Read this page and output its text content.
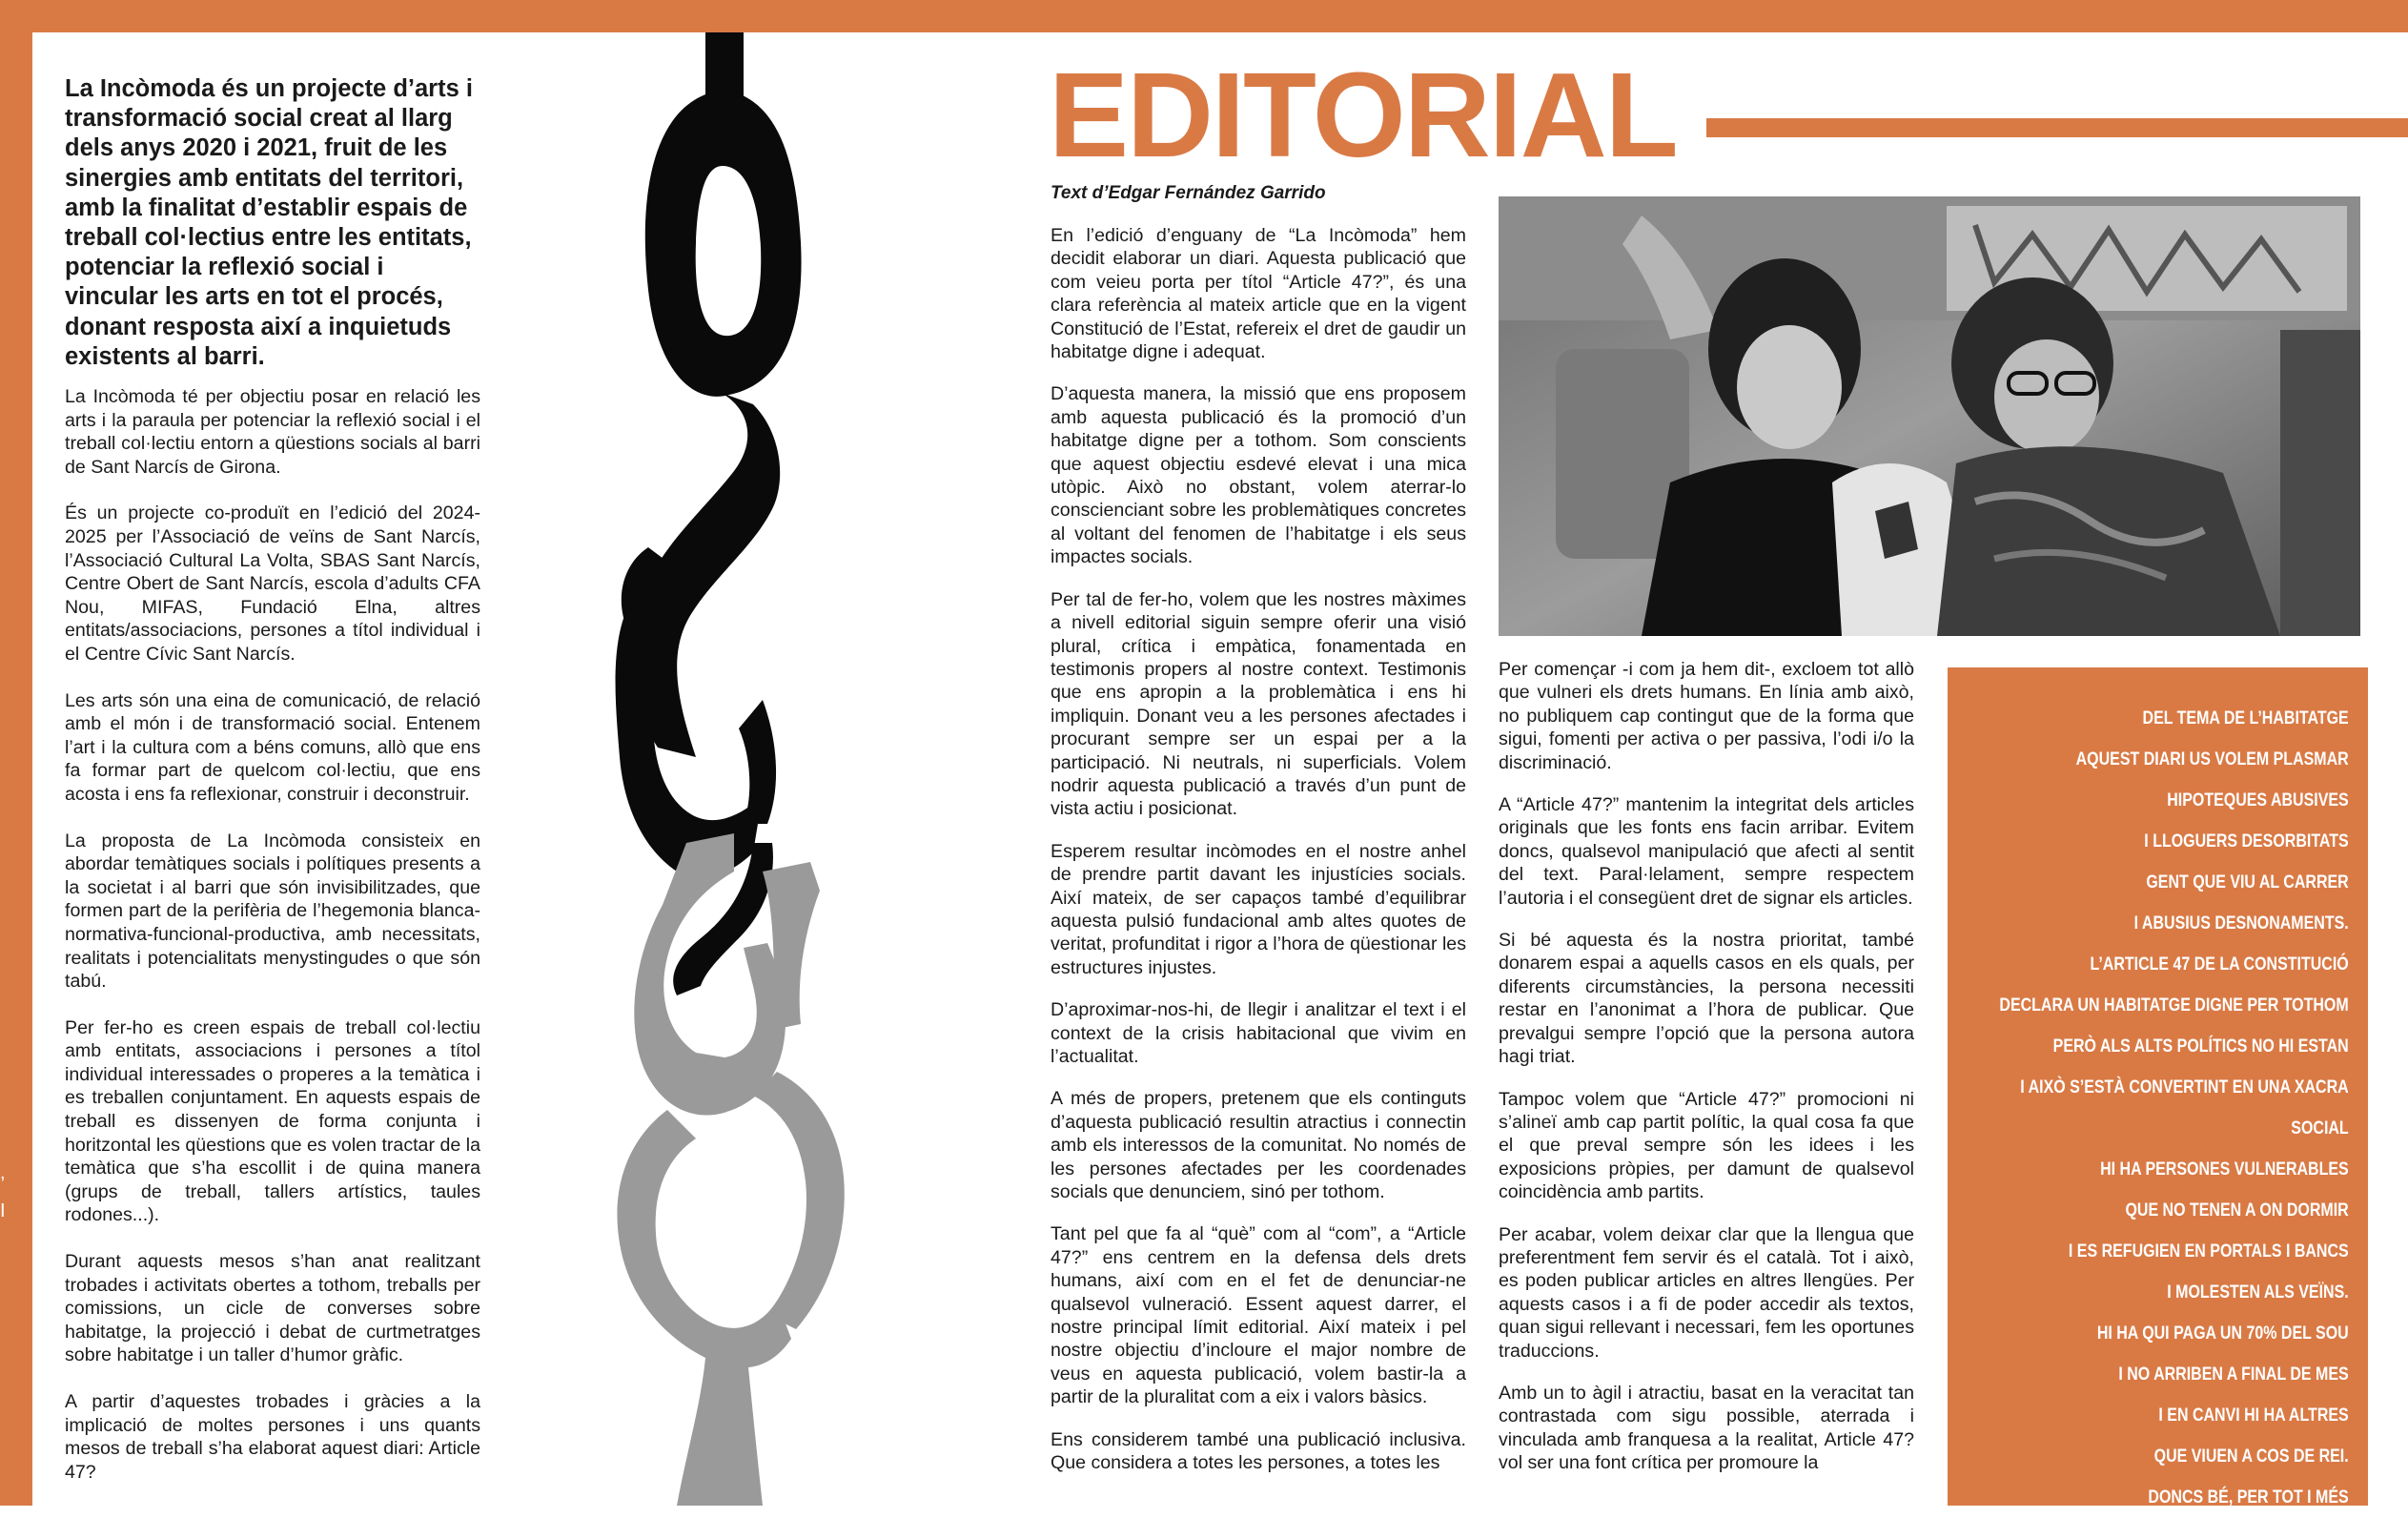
,
I

La Incòmoda és un projecte d’arts i transformació social creat al llarg dels anys 2020 i 2021, fruit de les sinergies amb entitats del territori, amb la finalitat d’establir espais de treball col·lectius entre les entitats, potenciar la reflexió social i vincular les arts en tot el procés, donant resposta així a inquietuds existents al barri.

La Incòmoda té per objectiu posar en relació les arts i la paraula per potenciar la reflexió social i el treball col·lectiu entorn a qüestions socials al barri de Sant Narcís de Girona.

És un projecte co-produït en l’edició del 2024-2025 per l’Associació de veïns de Sant Narcís, l’Associació Cultural La Volta, SBAS Sant Narcís, Centre Obert de Sant Narcís, escola d’adults CFA Nou, MIFAS, Fundació Elna, altres entitats/associacions, persones a títol individual i el Centre Cívic Sant Narcís.

Les arts són una eina de comunicació, de relació amb el món i de transformació social. Entenem l’art i la cultura com a béns comuns, allò que ens fa formar part de quelcom col·lectiu, que ens acosta i ens fa reflexionar, construir i deconstruir.

La proposta de La Incòmoda consisteix en abordar temàtiques socials i polítiques presents a la societat i al barri que són invisibilitzades, que formen part de la perifèria de l’hegemonia blanca-normativa-funcional-productiva, amb necessitats, realitats i potencialitats menystingudes o que són tabú.

Per fer-ho es creen espais de treball col·lectiu amb entitats, associacions i persones a títol individual interessades o properes a la temàtica i es treballen conjuntament. En aquests espais de treball es dissenyen de forma conjunta i horitzontal les qüestions que es volen tractar de la temàtica que s’ha escollit i de quina manera (grups de treball, tallers artístics, taules rodones...).

Durant aquests mesos s’han anat realitzant trobades i activitats obertes a tothom, treballs per comissions, un cicle de converses sobre habitatge, la projecció i debat de curtmetratges sobre habitatge i un taller d’humor gràfic.

A partir d’aquestes trobades i gràcies a la implicació de moltes persones i uns quants mesos de treball s’ha elaborat aquest diari: Article 47?

EDITORIAL
Text d’Edgar Fernández Garrido

En l’edició d’enguany de “La Incòmoda” hem decidit elaborar un diari. Aquesta publicació que com veieu porta per títol “Article 47?”, és una clara referència al mateix article que en la vigent Constitució de l’Estat, refereix el dret de gaudir un habitatge digne i adequat.

D’aquesta manera, la missió que ens proposem amb aquesta publicació és la promoció d’un habitatge digne per a tothom. Som conscients que aquest objectiu esdevé elevat i una mica utòpic. Això no obstant, volem aterrar-lo conscienciant sobre les problemàtiques concretes al voltant del fenomen de l’habitatge i els seus impactes socials.

Per tal de fer-ho, volem que les nostres màximes a nivell editorial siguin sempre oferir una visió plural, crítica i empàtica, fonamentada en testimonis propers al nostre context. Testimonis que ens apropin a la problemàtica i ens hi impliquin. Donant veu a les persones afectades i procurant sempre ser un espai per a la participació. Ni neutrals, ni superficials. Volem nodrir aquesta publicació a través d’un punt de vista actiu i posicionat.

Esperem resultar incòmodes en el nostre anhel de prendre partit davant les injustícies socials. Així mateix, de ser capaços també d’equilibrar aquesta pulsió fundacional amb altes quotes de veritat, profunditat i rigor a l’hora de qüestionar les estructures injustes.

D’aproximar-nos-hi, de llegir i analitzar el text i el context de la crisis habitacional que vivim en l’actualitat.

A més de propers, pretenem que els continguts d’aquesta publicació resultin atractius i connectin amb els interessos de la comunitat. No només de les persones afectades per les coordenades socials que denunciem, sinó per tothom.

Tant pel que fa al “què” com al “com”, a “Article 47?” ens centrem en la defensa dels drets humans, així com en el fet de denunciar-ne qualsevol vulneració. Essent aquest darrer, el nostre principal límit editorial. Així mateix i pel nostre objectiu d’incloure el major nombre de veus en aquesta publicació, volem bastir-la a partir de la pluralitat com a eix i valors bàsics.

Ens considerem també una publicació inclusiva. Que considera a totes les persones, a totes les

Per començar -i com ja hem dit-, excloem tot allò que vulneri els drets humans. En línia amb això, no publiquem cap contingut que de la forma que sigui, fomenti per activa o per passiva, l’odi i/o la discriminació.

A “Article 47?” mantenim la integritat dels articles originals que les fonts ens facin arribar. Evitem doncs, qualsevol manipulació que afecti al sentit del text. Paral·lelament, sempre respectem l’autoria i el consegüent dret de signar els articles.

Si bé aquesta és la nostra prioritat, també donarem espai a aquells casos en els quals, per diferents circumstàncies, la persona necessiti restar en l’anonimat a l’hora de publicar. Que prevalgui sempre l’opció que la persona autora hagi triat.

Tampoc volem que “Article 47?” promocioni ni s’alineï amb cap partit polític, la qual cosa fa que el que preval sempre són les idees i les exposicions pròpies, per damunt de qualsevol coincidència amb partits.

Per acabar, volem deixar clar que la llengua que preferentment fem servir és el català. Tot i això, es poden publicar articles en altres llengües. Per aquests casos i a fi de poder accedir als textos, quan sigui rellevant i necessari, fem les oportunes traduccions.

Amb un to àgil i atractiu, basat en la veracitat tan contrastada com sigu possible, aterrada i vinculada amb franquesa a la realitat, Article 47? vol ser una font crítica per promoure la

DEL TEMA DE L’HABITATGE
AQUEST DIARI US VOLEM PLASMAR
HIPOTEQUES ABUSIVES
I LLOGUERS DESORBITATS
GENT QUE VIU AL CARRER
I ABUSIUS DESNONAMENTS.
L’ARTICLE 47 DE LA CONSTITUCIÓ
DECLARA UN HABITATGE DIGNE PER TOTHOM
PERÒ ALS ALTS POLÍTICS NO HI ESTAN
I AIXÒ S’ESTÀ CONVERTINT EN UNA XACRA
SOCIAL
HI HA PERSONES VULNERABLES
QUE NO TENEN A ON DORMIR
I ES REFUGIEN EN PORTALS I BANCS
I MOLESTEN ALS VEÏNS.
HI HA QUI PAGA UN 70% DEL SOU
I NO ARRIBEN A FINAL DE MES
I EN CANVI HI HA ALTRES
QUE VIUEN A COS DE REI.
DONCS BÉ, PER TOT I MÉS
